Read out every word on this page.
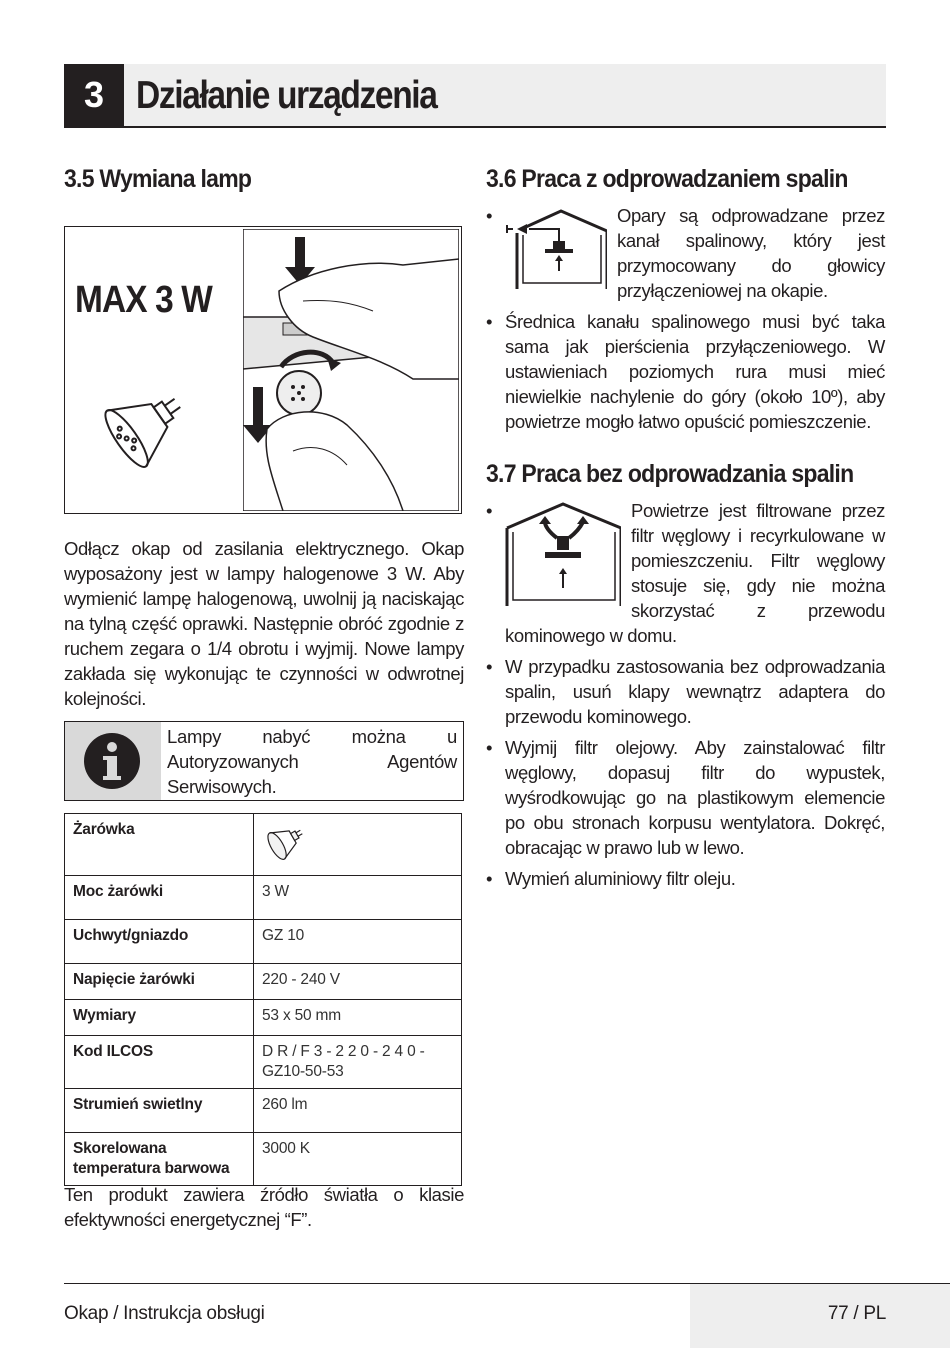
3 Działanie urządzenia
3.5 Wymiana lamp
MAX 3 W
Odłącz okap od zasilania elektrycznego. Okap wyposażony jest w lampy halogenowe 3 W. Aby wymienić lampę halogenową, uwolnij ją naciskając na tylną część oprawki. Następnie obróć zgodnie z ruchem zegara o 1/4 obrotu i wyjmij. Nowe lampy zakłada się wykonując te czynności w odwrotnej kolejności.
Lampy nabyć można u Autoryzowanych Agentów Serwisowych.
Żarówka	
Moc żarówki	3 W
Uchwyt/gniazdo	GZ 10
Napięcie żarówki	220 - 240 V
Wymiary	53 x 50 mm
Kod ILCOS	D R / F 3 - 2 2 0 - 2 4 0 - GZ10-50-53
Strumień swietlny	260 lm
Skorelowana temperatura barwowa	3000 K
Ten produkt zawiera źródło światła o klasie efektywności energetycznej “F”.
3.6 Praca z odprowadzaniem spalin
•	Opary są odprowadzane przez kanał spalinowy, który jest przymocowany do głowicy przyłączeniowej na okapie.
• Średnica kanału spalinowego musi być taka sama jak pierścienia przyłączeniowego. W ustawieniach poziomych rura musi mieć niewielkie nachylenie do góry (około 10º), aby powietrze mogło łatwo opuścić pomieszczenie.
3.7 Praca bez odprowadzania spalin
•	Powietrze jest filtrowane przez filtr węglowy i recyrkulowane w pomieszczeniu. Filtr węglowy stosuje się, gdy nie można skorzystać z przewodu kominowego w domu.
• W przypadku zastosowania bez odprowadzania spalin, usuń klapy wewnątrz adaptera do przewodu kominowego.
• Wyjmij filtr olejowy. Aby zainstalować filtr węglowy, dopasuj filtr do wypustek, wyśrodkowując go na plastikowym elemencie po obu stronach korpusu wentylatora. Dokręć, obracając w prawo lub w lewo.
• Wymień aluminiowy filtr oleju.
Okap / Instrukcja obsługi	77 / PL
